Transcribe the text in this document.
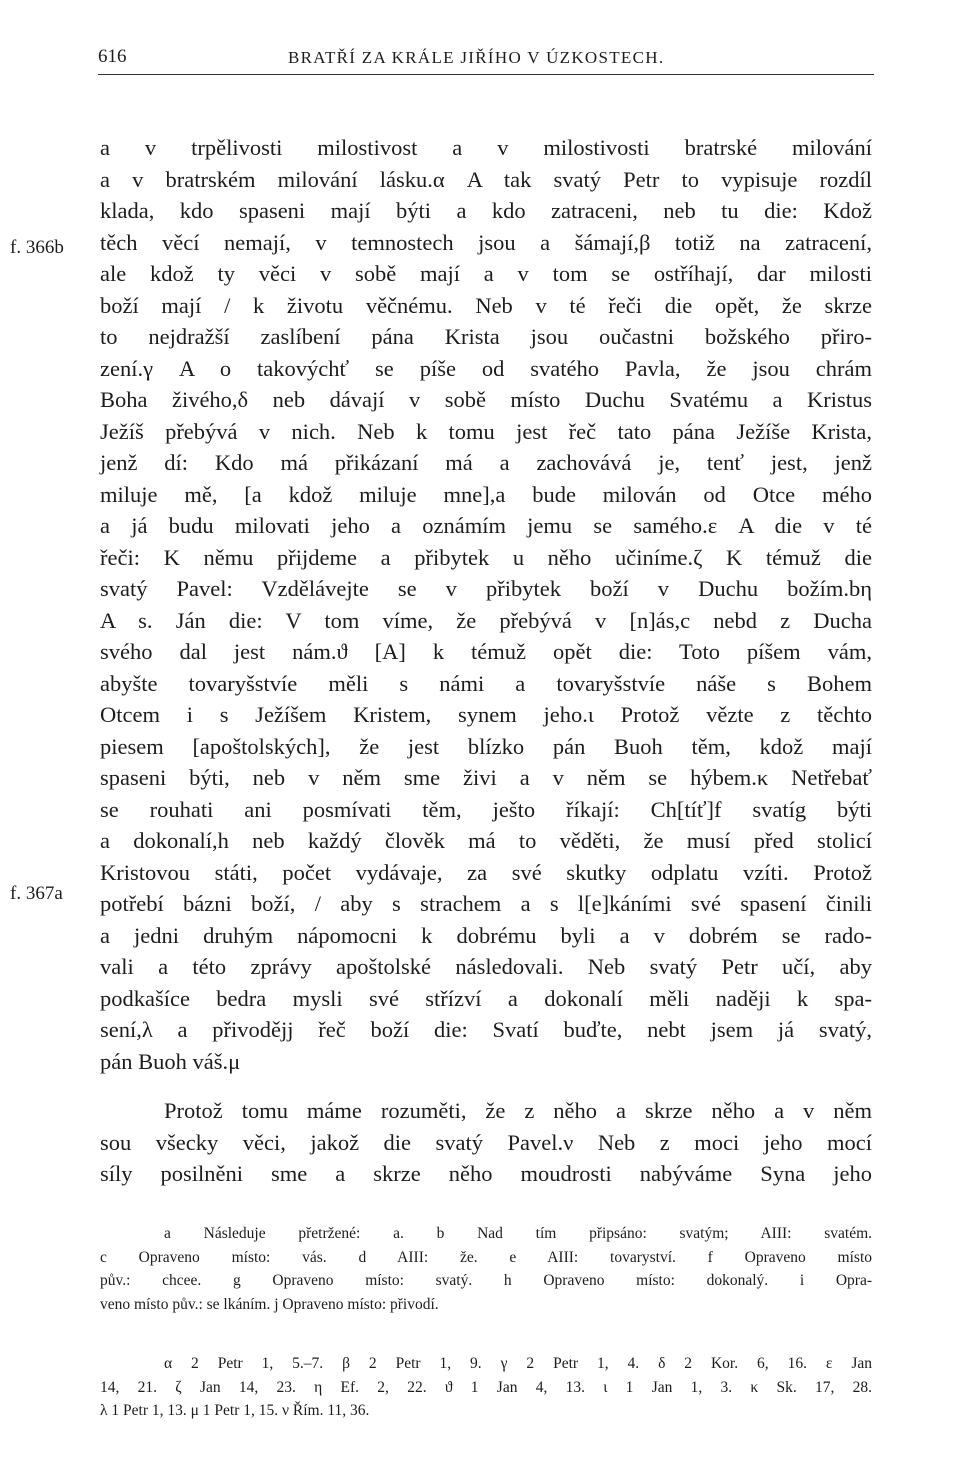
616	BRATŘÍ ZA KRÁLE JIŘÍHO V ÚZKOSTECH.
f. 366b
f. 367a
a v trpělivosti milostivost a v milostivosti bratrské milování
a v bratrském milování lásku.α A tak svatý Petr to vypisuje rozdíl
klada, kdo spaseni mají býti a kdo zatraceni, neb tu die: Kdož
těch věcí nemají, v temnostech jsou a šámají,β totiž na zatracení,
ale kdož ty věci v sobě mají a v tom se ostříhají, dar milosti
boží mají / k životu věčnému. Neb v té řeči die opět, že skrze
to nejdražší zaslíbení pána Krista jsou oučastni božského přiro-
zení.γ A o takovýchť se píše od svatého Pavla, že jsou chrám
Boha živého,δ neb dávají v sobě místo Duchu Svatému a Kristus
Ježíš přebývá v nich. Neb k tomu jest řeč tato pána Ježíše Krista,
jenž dí: Kdo má přikázaní má a zachovává je, tenť jest, jenž
miluje mě, [a kdož miluje mne],a bude milován od Otce mého
a já budu milovati jeho a oznámím jemu se samého.ε A die v té
řeči: K němu přijdeme a přibytek u něho učiníme.ζ K témuž die
svatý Pavel: Vzdělávejte se v přibytek boží v Duchu božím.bη
A s. Ján die: V tom víme, že přebývá v [n]ás,c nebd z Ducha
svého dal jest nám.ϑ [A] k témuž opět die: Toto píšem vám,
abyšte tovaryšstvíe měli s námi a tovaryšstvíe náše s Bohem
Otcem i s Ježíšem Kristem, synem jeho.ι Protož vězte z těchto
piesem [apoštolských], že jest blízko pán Buoh těm, kdož mají
spaseni býti, neb v něm sme živi a v něm se hýbem.κ Netřebať
se rouhati ani posmívati těm, ješto říkají: Ch[tíť]f svatíg býti
a dokonalí,h neb každý člověk má to věděti, že musí před stolicí
Kristovou státi, počet vydávaje, za své skutky odplatu vzíti. Protož
potřebí bázni boží, / aby s strachem a s l[e]káními své spasení činili
a jedni druhým nápomocni k dobrému byli a v dobrém se rado-
vali a této zprávy apoštolské následovali. Neb svatý Petr učí, aby
podkašíce bedra mysli své střízví a dokonalí měli naději k spa-
sení,λ a přivodějj řeč boží die: Svatí buďte, nebt jsem já svatý,
pán Buoh váš.μ
Protož tomu máme rozuměti, že z něho a skrze něho a v něm
sou všecky věci, jakož die svatý Pavel.ν Neb z moci jeho mocí
síly posilněni sme a skrze něho moudrosti nabýváme Syna jeho
a Následuje přetržené: a. b Nad tím připsáno: svatým; AIII: svatém.
c Opraveno místo: vás. d AIII: že. e AIII: tovaryství. f Opraveno místo
pův.: chcee. g Opraveno místo: svatý. h Opraveno místo: dokonalý. i Opra-
veno místo pův.: se lkáním. j Opraveno místo: přivodí.
α 2 Petr 1, 5.–7. β 2 Petr 1, 9. γ 2 Petr 1, 4. δ 2 Kor. 6, 16. ε Jan
14, 21. ζ Jan 14, 23. η Ef. 2, 22. ϑ 1 Jan 4, 13. ι 1 Jan 1, 3. κ Sk. 17, 28.
λ 1 Petr 1, 13. μ 1 Petr 1, 15. ν Řím. 11, 36.
